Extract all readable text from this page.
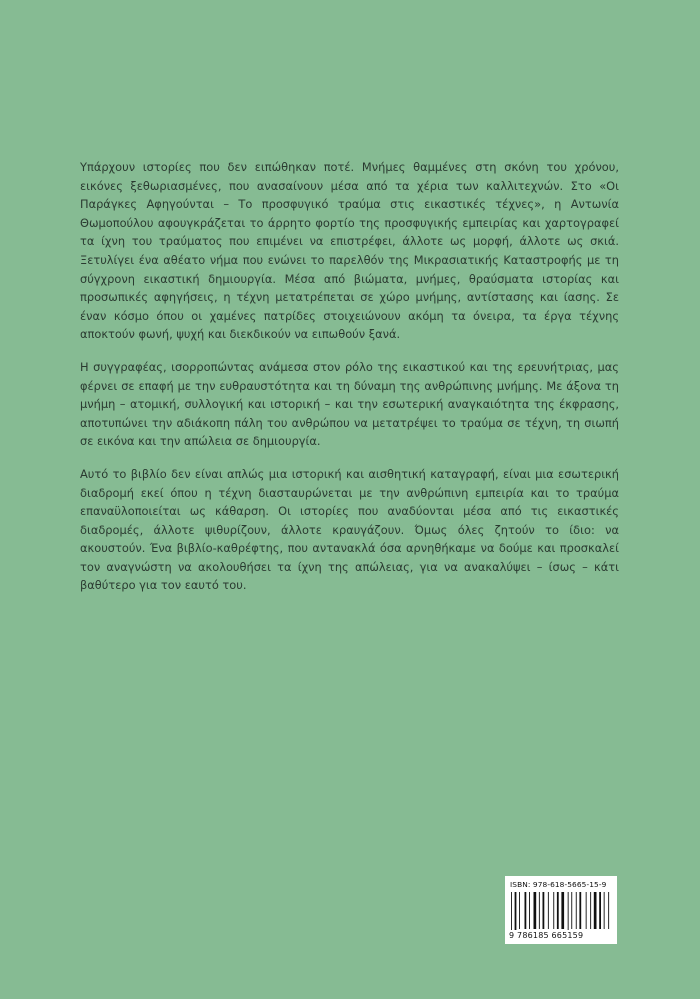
Υπάρχουν ιστορίες που δεν ειπώθηκαν ποτέ. Μνήμες θαμμένες στη σκόνη του χρόνου, εικόνες ξεθωριασμένες, που ανασαίνουν μέσα από τα χέρια των καλλιτεχνών. Στο «Οι Παράγκες Αφηγούνται – Το προσφυγικό τραύμα στις εικαστικές τέχνες», η Αντωνία Θωμοπούλου αφουγκράζεται το άρρητο φορτίο της προσφυγικής εμπειρίας και χαρτογραφεί τα ίχνη του τραύματος που επιμένει να επιστρέφει, άλλοτε ως μορφή, άλλοτε ως σκιά. Ξετυλίγει ένα αθέατο νήμα που ενώνει το παρελθόν της Μικρασιατικής Καταστροφής με τη σύγχρονη εικαστική δημιουργία. Μέσα από βιώματα, μνήμες, θραύσματα ιστορίας και προσωπικές αφηγήσεις, η τέχνη μετατρέπεται σε χώρο μνήμης, αντίστασης και ίασης. Σε έναν κόσμο όπου οι χαμένες πατρίδες στοιχειώνουν ακόμη τα όνειρα, τα έργα τέχνης αποκτούν φωνή, ψυχή και διεκδικούν να ειπωθούν ξανά.

Η συγγραφέας, ισορροπώντας ανάμεσα στον ρόλο της εικαστικού και της ερευνήτριας, μας φέρνει σε επαφή με την ευθραυστότητα και τη δύναμη της ανθρώπινης μνήμης. Με άξονα τη μνήμη – ατομική, συλλογική και ιστορική – και την εσωτερική αναγκαιότητα της έκφρασης, αποτυπώνει την αδιάκοπη πάλη του ανθρώπου να μετατρέψει το τραύμα σε τέχνη, τη σιωπή σε εικόνα και την απώλεια σε δημιουργία.

Αυτό το βιβλίο δεν είναι απλώς μια ιστορική και αισθητική καταγραφή, είναι μια εσωτερική διαδρομή εκεί όπου η τέχνη διασταυρώνεται με την ανθρώπινη εμπειρία και το τραύμα επαναϋλοποιείται ως κάθαρση. Οι ιστορίες που αναδύονται μέσα από τις εικαστικές διαδρομές, άλλοτε ψιθυρίζουν, άλλοτε κραυγάζουν. Όμως όλες ζητούν το ίδιο: να ακουστούν. Ένα βιβλίο-καθρέφτης, που αντανακλά όσα αρνηθήκαμε να δούμε και προσκαλεί τον αναγνώστη να ακολουθήσει τα ίχνη της απώλειας, για να ανακαλύψει – ίσως – κάτι βαθύτερο για τον εαυτό του.

ISBN: 978-618-5665-15-9
9 786185 665159
